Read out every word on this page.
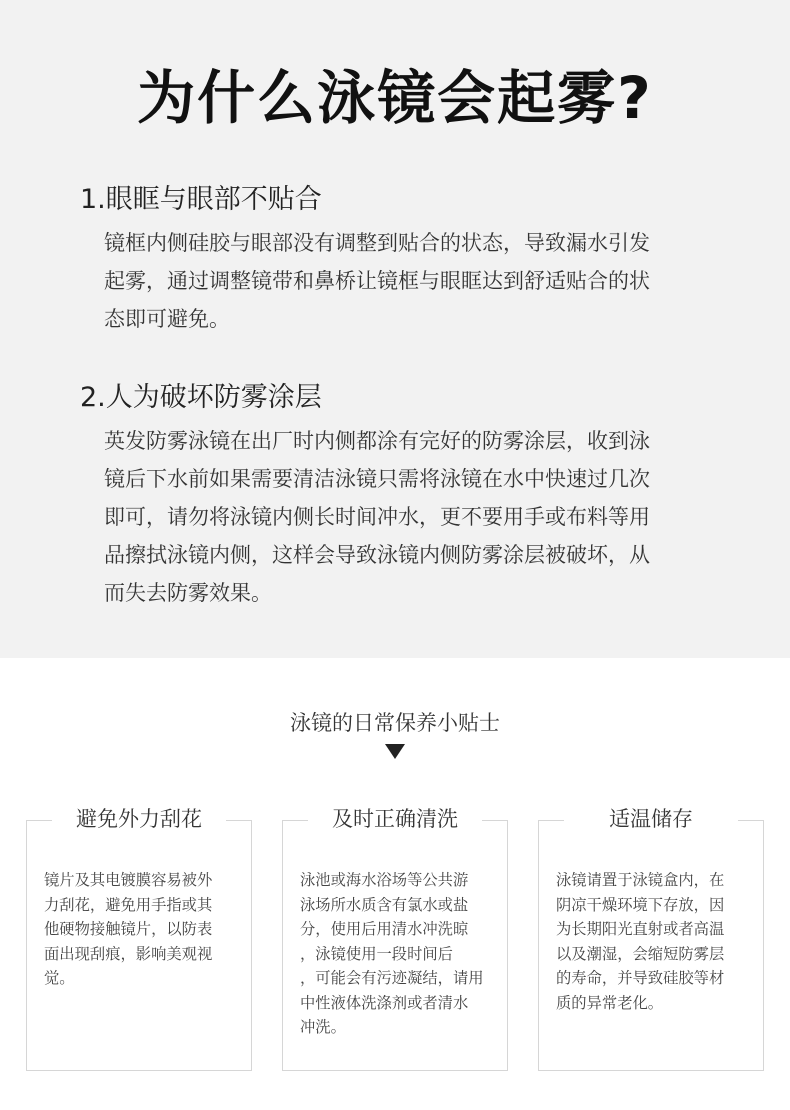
为什么泳镜会起雾?
1.眼眶与眼部不贴合
镜框内侧硅胶与眼部没有调整到贴合的状态，导致漏水引发
起雾，通过调整镜带和鼻桥让镜框与眼眶达到舒适贴合的状
态即可避免。
2.人为破坏防雾涂层
英发防雾泳镜在出厂时内侧都涂有完好的防雾涂层，收到泳
镜后下水前如果需要清洁泳镜只需将泳镜在水中快速过几次
即可，请勿将泳镜内侧长时间冲水，更不要用手或布料等用
品擦拭泳镜内侧，这样会导致泳镜内侧防雾涂层被破坏，从
而失去防雾效果。
泳镜的日常保养小贴士
避免外力刮花
镜片及其电镀膜容易被外
力刮花，避免用手指或其
他硬物接触镜片，以防表
面出现刮痕，影响美观视
觉。
及时正确清洗
泳池或海水浴场等公共游
泳场所水质含有氯水或盐
分，使用后用清水冲洗晾
，泳镜使用一段时间后
，可能会有污迹凝结，请用
中性液体洗涤剂或者清水
冲洗。
适温储存
泳镜请置于泳镜盒内，在
阴凉干燥环境下存放，因
为长期阳光直射或者高温
以及潮湿，会缩短防雾层
的寿命，并导致硅胶等材
质的异常老化。
